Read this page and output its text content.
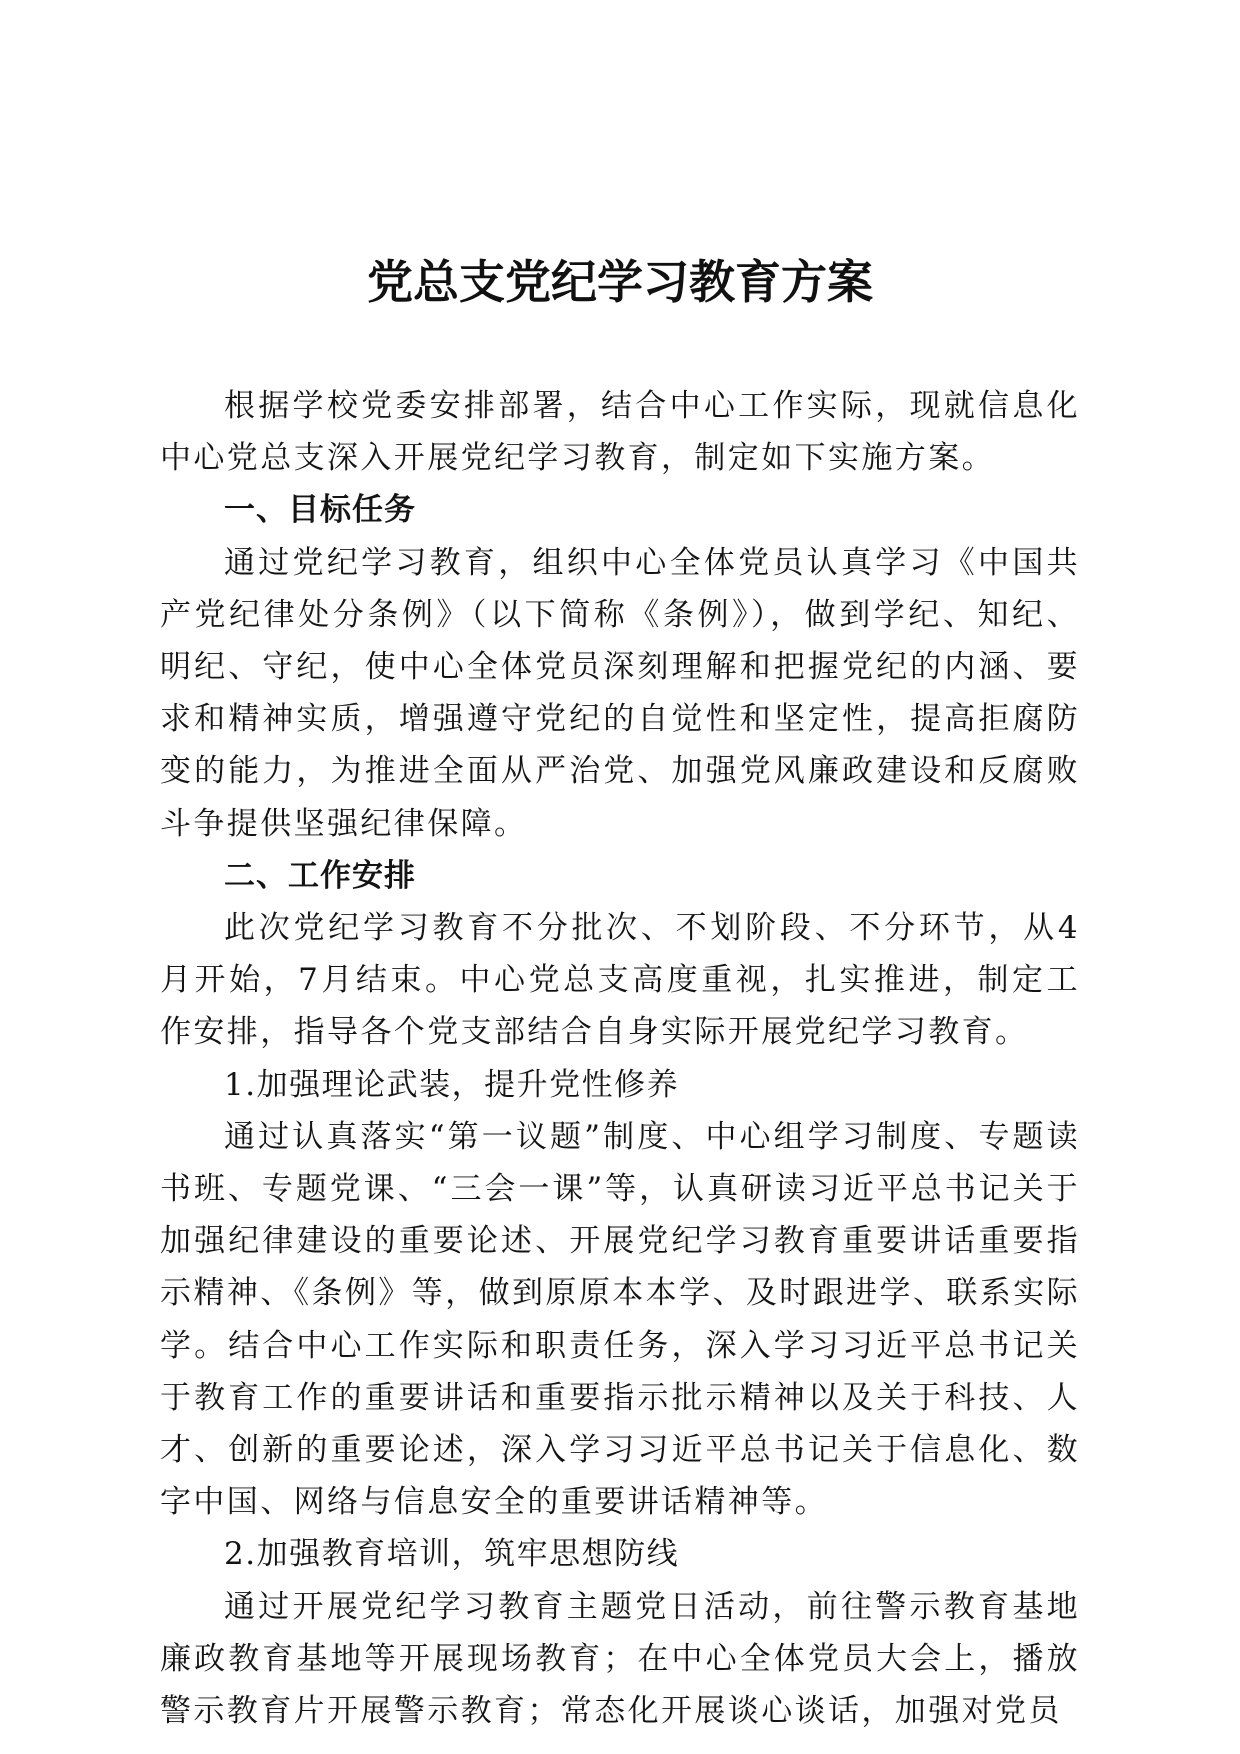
党总支党纪学习教育方案

根据学校党委安排部署，结合中心工作实际，现就信息化中心党总支深入开展党纪学习教育，制定如下实施方案。

一、目标任务

通过党纪学习教育，组织中心全体党员认真学习《中国共产党纪律处分条例》（以下简称《条例》），做到学纪、知纪、明纪、守纪，使中心全体党员深刻理解和把握党纪的内涵、要求和精神实质，增强遵守党纪的自觉性和坚定性，提高拒腐防变的能力，为推进全面从严治党、加强党风廉政建设和反腐败斗争提供坚强纪律保障。

二、工作安排

此次党纪学习教育不分批次、不划阶段、不分环节，从4月开始，7月结束。中心党总支高度重视，扎实推进，制定工作安排，指导各个党支部结合自身实际开展党纪学习教育。

1.加强理论武装，提升党性修养

通过认真落实“第一议题”制度、中心组学习制度、专题读书班、专题党课、“三会一课”等，认真研读习近平总书记关于加强纪律建设的重要论述、开展党纪学习教育重要讲话重要指示精神、《条例》等，做到原原本本学、及时跟进学、联系实际学。结合中心工作实际和职责任务，深入学习习近平总书记关于教育工作的重要讲话和重要指示批示精神以及关于科技、人才、创新的重要论述，深入学习习近平总书记关于信息化、数字中国、网络与信息安全的重要讲话精神等。

2.加强教育培训，筑牢思想防线

通过开展党纪学习教育主题党日活动，前往警示教育基地廉政教育基地等开展现场教育；在中心全体党员大会上，播放警示教育片开展警示教育；常态化开展谈心谈话，加强对党员
